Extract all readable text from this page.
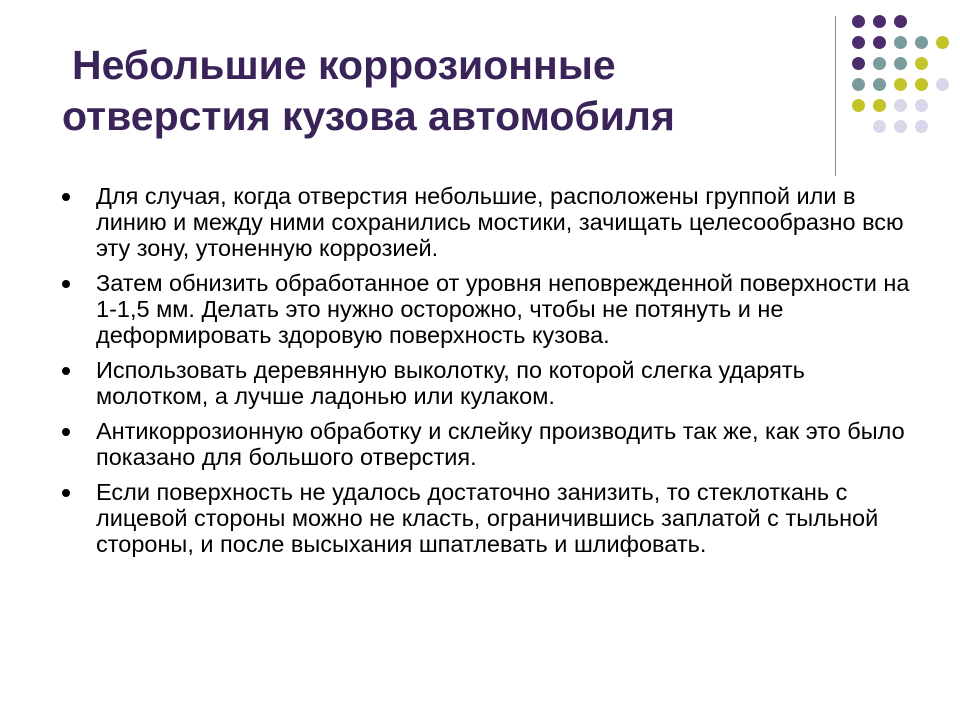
Небольшие коррозионные
отверстия кузова автомобиля
Для случая, когда отверстия небольшие, расположены группой или в линию и между ними сохранились мостики, зачищать целесообразно всю эту зону, утоненную коррозией.
Затем обнизить обработанное от уровня неповрежденной поверхности на 1-1,5 мм. Делать это нужно осторожно, чтобы не потянуть и не деформировать здоровую поверхность кузова.
Использовать деревянную выколотку, по которой слегка ударять молотком, а лучше ладонью или кулаком.
Антикоррозионную обработку и склейку производить так же, как это было показано для большого отверстия.
Если поверхность не удалось достаточно занизить, то стеклоткань с лицевой стороны можно не класть, ограничившись заплатой с тыльной стороны, и после высыхания шпатлевать и шлифовать.
